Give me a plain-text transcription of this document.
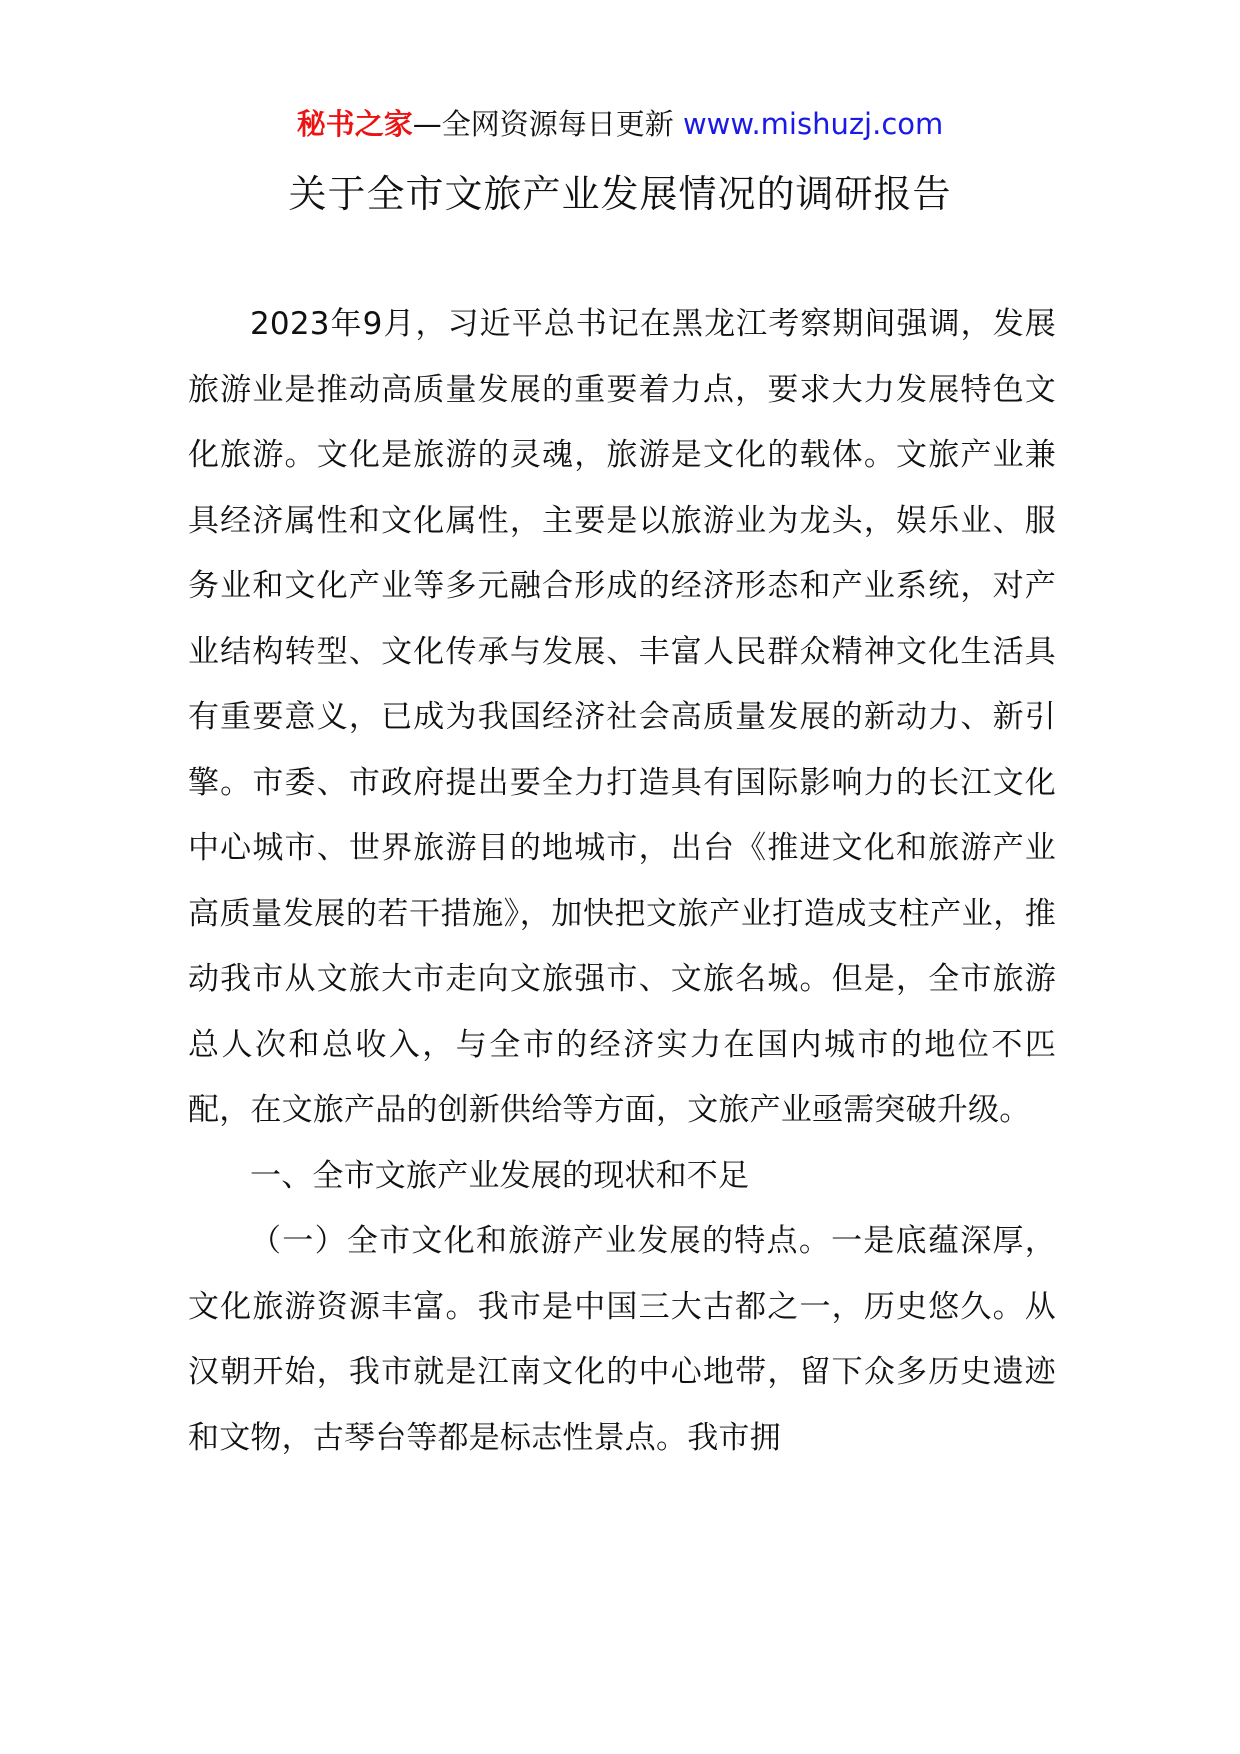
秘书之家—全网资源每日更新 www.mishuzj.com
关于全市文旅产业发展情况的调研报告

2023年9月，习近平总书记在黑龙江考察期间强调，发展旅游业是推动高质量发展的重要着力点，要求大力发展特色文化旅游。文化是旅游的灵魂，旅游是文化的载体。文旅产业兼具经济属性和文化属性，主要是以旅游业为龙头，娱乐业、服务业和文化产业等多元融合形成的经济形态和产业系统，对产业结构转型、文化传承与发展、丰富人民群众精神文化生活具有重要意义，已成为我国经济社会高质量发展的新动力、新引擎。市委、市政府提出要全力打造具有国际影响力的长江文化中心城市、世界旅游目的地城市，出台《推进文化和旅游产业高质量发展的若干措施》，加快把文旅产业打造成支柱产业，推动我市从文旅大市走向文旅强市、文旅名城。但是，全市旅游总人次和总收入，与全市的经济实力在国内城市的地位不匹配，在文旅产品的创新供给等方面，文旅产业亟需突破升级。

一、全市文旅产业发展的现状和不足

（一）全市文化和旅游产业发展的特点。一是底蕴深厚，文化旅游资源丰富。我市是中国三大古都之一，历史悠久。从汉朝开始，我市就是江南文化的中心地带，留下众多历史遗迹和文物，古琴台等都是标志性景点。我市拥
